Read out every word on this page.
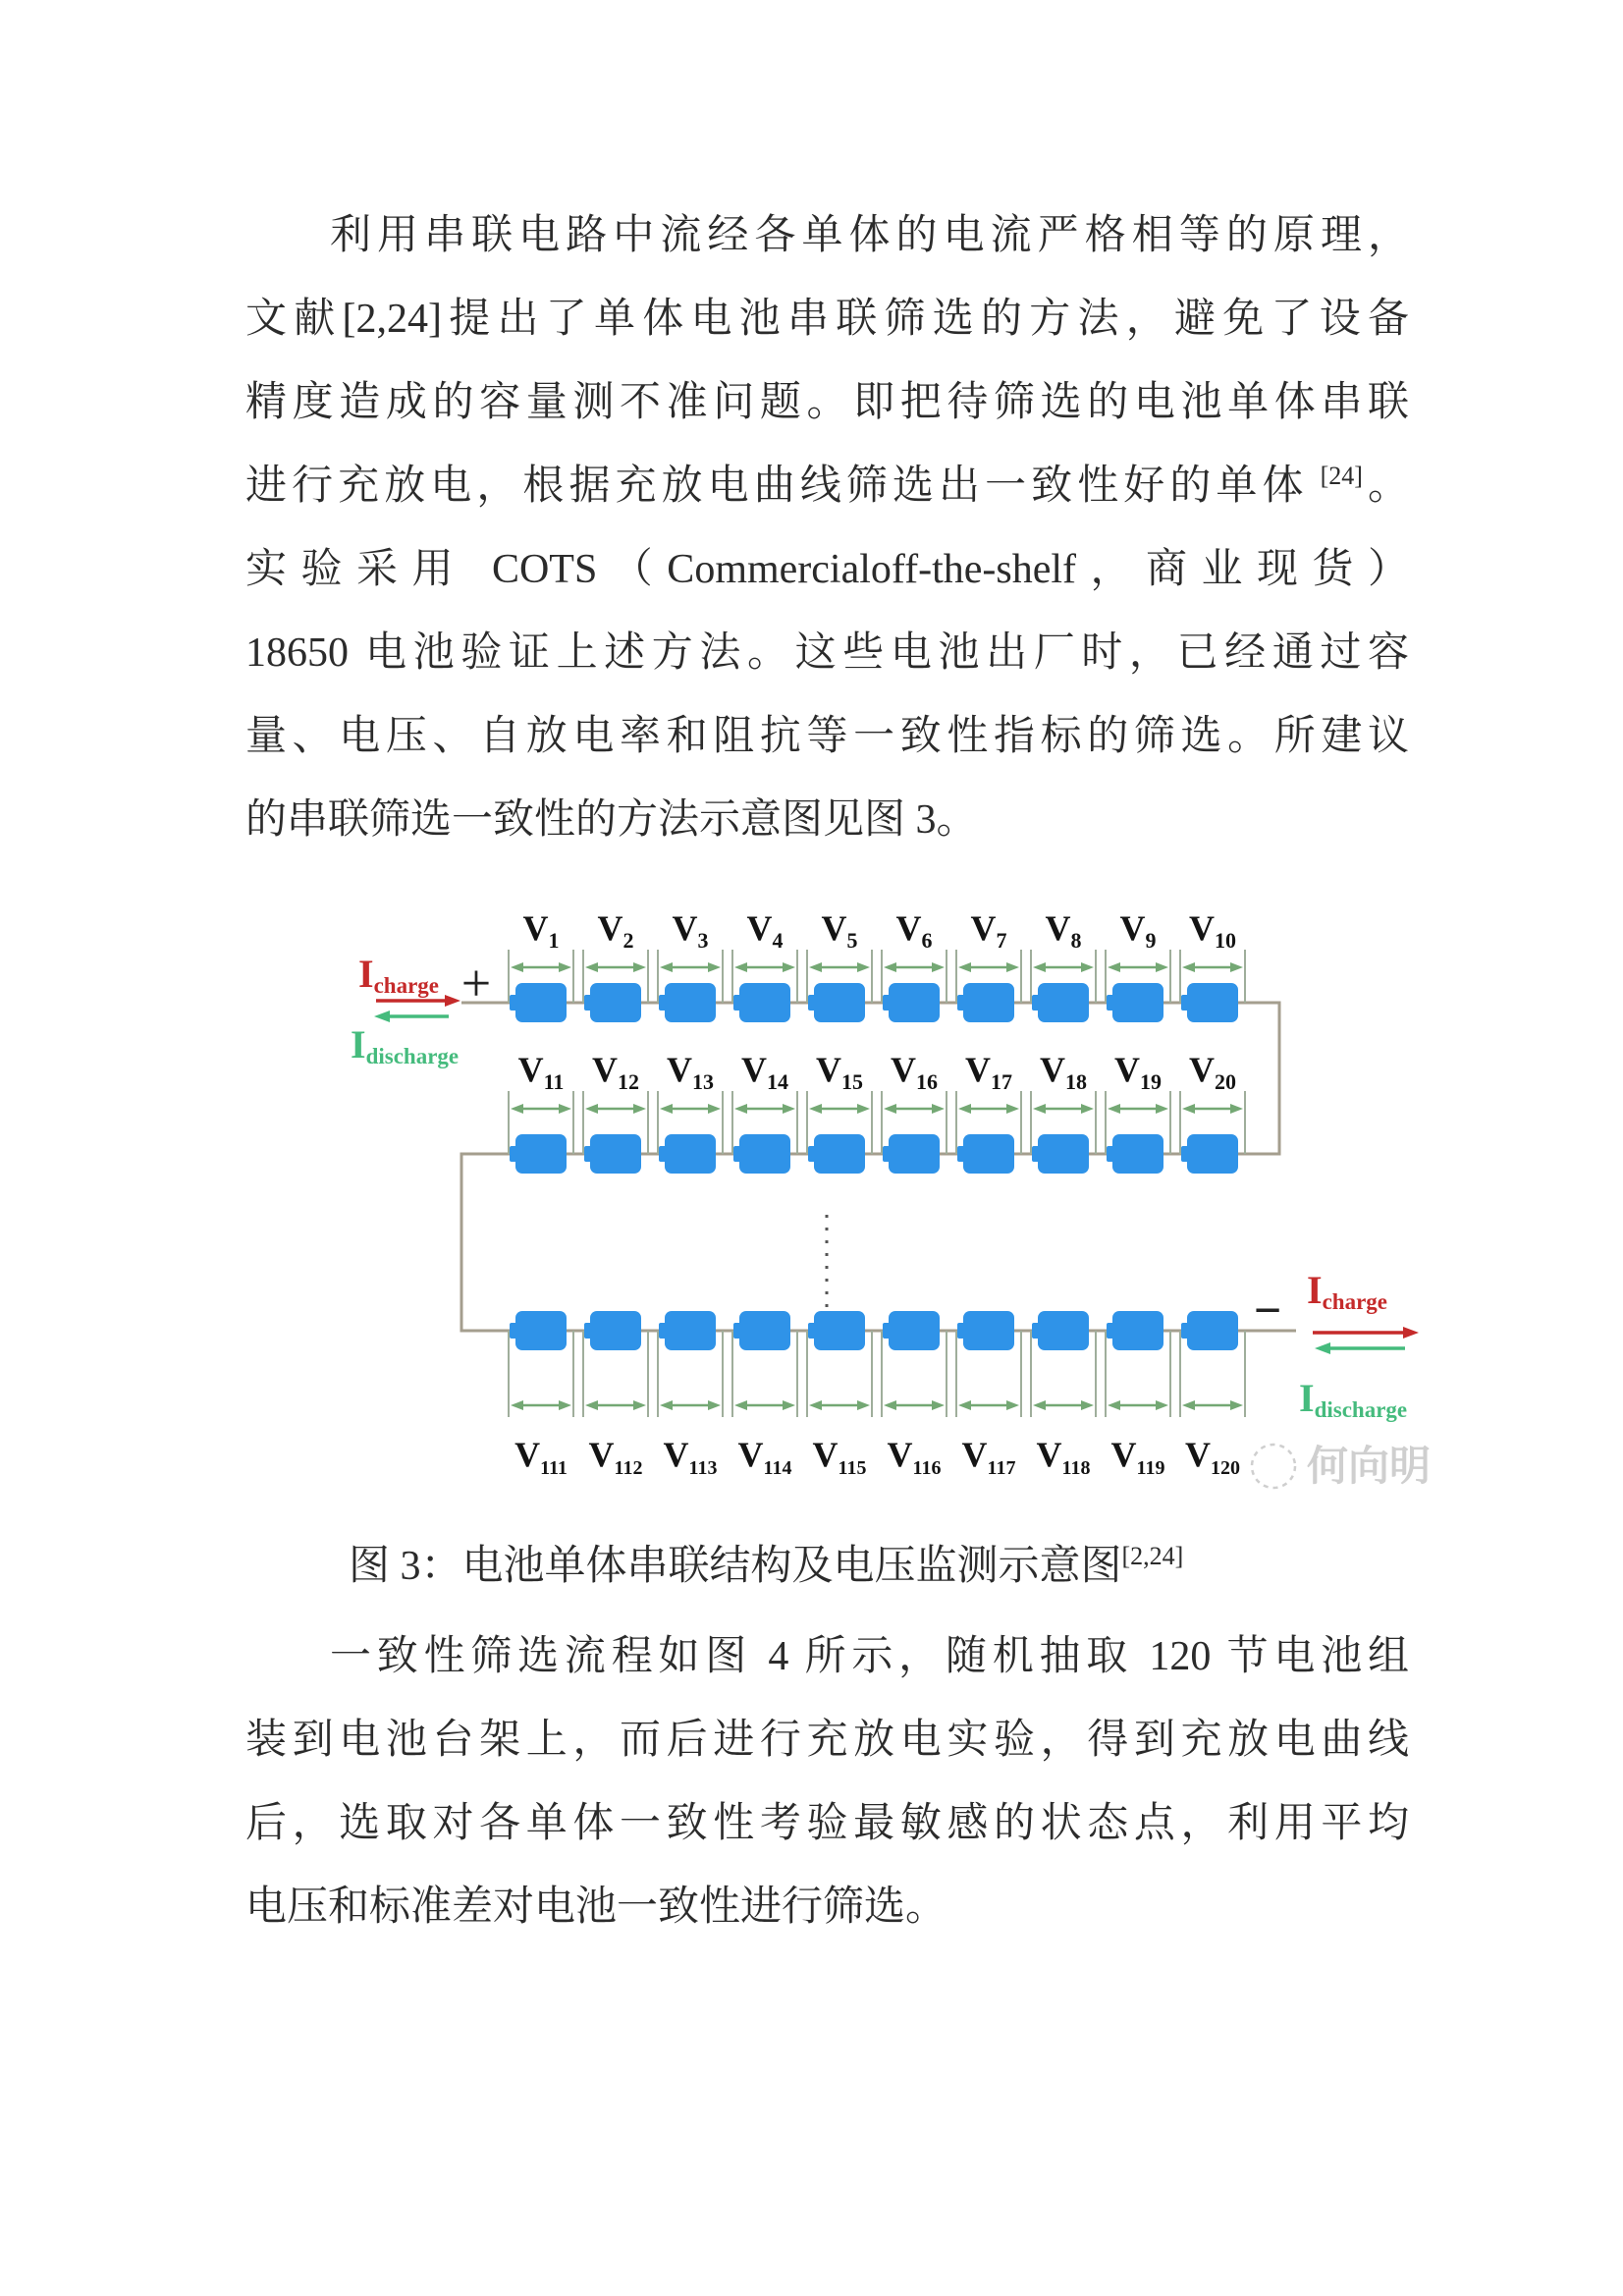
利用串联电路中流经各单体的电流严格相等的原理，
文献[2,24]提出了单体电池串联筛选的方法，避免了设备
精度造成的容量测不准问题。即把待筛选的电池单体串联
进行充放电，根据充放电曲线筛选出一致性好的单体 [24]。
实验采用 COTS（Commercialoff-the-shelf，商业现货）
18650 电池验证上述方法。这些电池出厂时，已经通过容
量、电压、自放电率和阻抗等一致性指标的筛选。所建议
的串联筛选一致性的方法示意图见图 3。
$V_1$ $V_2$ $V_3$ $V_4$ $V_5$ $V_6$ $V_7$ $V_8$ $V_9$ $V_{10}$
$V_{11}$ $V_{12}$ $V_{13}$ $V_{14}$ $V_{15}$ $V_{16}$ $V_{17}$ $V_{18}$ $V_{19}$ $V_{20}$
$V_{111}$ $V_{112}$ $V_{113}$ $V_{114}$ $V_{115}$ $V_{116}$ $V_{117}$ $V_{118}$ $V_{119}$ $V_{120}$
Icharge
Idischarge
+
− Icharge
Idischarge
何向明
图 3：电池单体串联结构及电压监测示意图[2,24]
一致性筛选流程如图 4 所示，随机抽取 120 节电池组
装到电池台架上，而后进行充放电实验，得到充放电曲线
后，选取对各单体一致性考验最敏感的状态点，利用平均
电压和标准差对电池一致性进行筛选。
